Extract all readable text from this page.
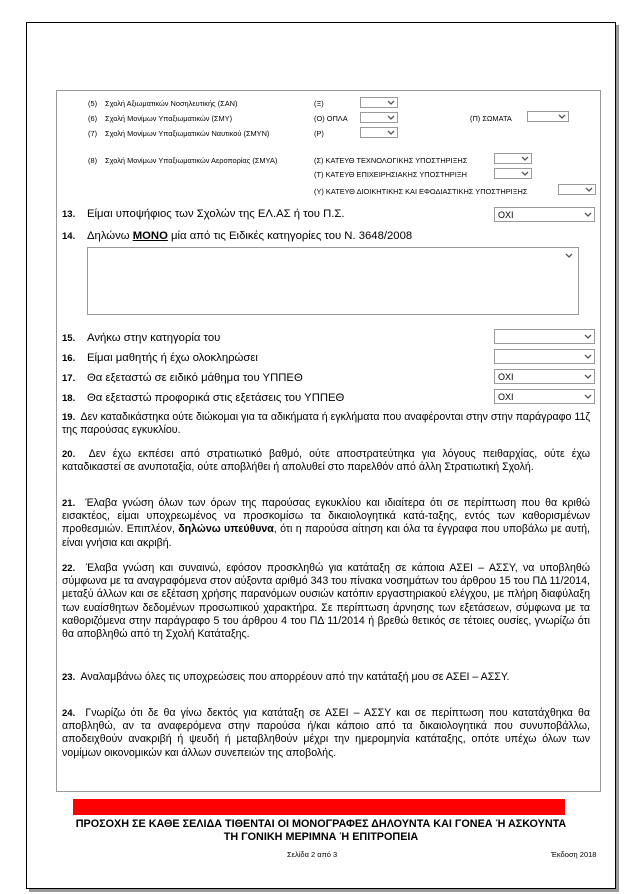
(5) Σχολή Αξιωματικών Νοσηλευτικής (ΣΑΝ)	(Ξ)
(6) Σχολή Μονίμων Υπαξιωματικών (ΣΜΥ)	(Ο) ΟΠΛΑ	(Π) ΣΩΜΑΤΑ
(7) Σχολή Μονίμων Υπαξιωματικών Ναυτικού (ΣΜΥΝ)	(Ρ)
(8) Σχολή Μονίμων Υπαξιωματικών Αεροπορίας (ΣΜΥΑ)	(Σ) ΚΑΤΕΥΘ ΤΕΧΝΟΛΟΓΙΚΗΣ ΥΠΟΣΤΗΡΙΞΗΣ
(Τ) ΚΑΤΕΥΘ ΕΠΙΧΕΙΡΗΣΙΑΚΗΣ ΥΠΟΣΤΗΡΙΞΗ
(Υ) ΚΑΤΕΥΘ ΔΙΟΙΚΗΤΙΚΗΣ ΚΑΙ ΕΦΟΔΙΑΣΤΙΚΗΣ ΥΠΟΣΤΗΡΙΞΗΣ
13. Είμαι υποψήφιος των Σχολών της ΕΛ.ΑΣ ή του Π.Σ.	ΟΧΙ
14. Δηλώνω ΜΟΝΟ μία από τις Ειδικές κατηγορίες του Ν. 3648/2008
15. Ανήκω στην κατηγορία του
16. Είμαι μαθητής ή έχω ολοκληρώσει
17. Θα εξεταστώ σε ειδικό μάθημα του ΥΠΠΕΘ	ΟΧΙ
18. Θα εξεταστώ προφορικά στις εξετάσεις του ΥΠΠΕΘ	ΟΧΙ

19. Δεν καταδικάστηκα ούτε διώκομαι για τα αδικήματα ή εγκλήματα που αναφέρονται στην στην παράγραφο 11ζ της παρούσας εγκυκλίου.

20. Δεν έχω εκπέσει από στρατιωτικό βαθμό, ούτε αποστρατεύτηκα για λόγους πειθαρχίας, ούτε έχω καταδικαστεί σε ανυποταξία, ούτε αποβλήθει ή απολυθεί στο παρελθόν από άλλη Στρατιωτική Σχολή.

21. Έλαβα γνώση όλων των όρων της παρούσας εγκυκλίου και ιδιαίτερα ότι σε περίπτωση που θα κριθώ εισακτέος, είμαι υποχρεωμένος να προσκομίσω τα δικαιολογητικά κατά-ταξης, εντός των καθορισμένων προθεσμιών. Επιπλέον, δηλώνω υπεύθυνα, ότι η παρούσα αίτηση και όλα τα έγγραφα που υποβάλω με αυτή, είναι γνήσια και ακριβή.

22. Έλαβα γνώση και συναινώ, εφόσον προσκληθώ για κατάταξη σε κάποια ΑΣΕΙ – ΑΣΣΥ, να υποβληθώ σύμφωνα με τα αναγραφόμενα στον αύξοντα αριθμό 343 του πίνακα νοσημάτων του άρθρου 15 του ΠΔ 11/2014, μεταξύ άλλων και σε εξέταση χρήσης παρανόμων ουσιών κατόπιν εργαστηριακού ελέγχου, με πλήρη διαφύλαξη των ευαίσθητων δεδομένων προσωπικού χαρακτήρα. Σε περίπτωση άρνησης των εξετάσεων, σύμφωνα με τα καθοριζόμενα στην παράγραφο 5 του άρθρου 4 του ΠΔ 11/2014 ή βρεθώ θετικός σε τέτοιες ουσίες, γνωρίζω ότι θα αποβληθώ από τη Σχολή Κατάταξης.

23. Αναλαμβάνω όλες τις υποχρεώσεις που απορρέουν από την κατάταξή μου σε ΑΣΕΙ – ΑΣΣΥ.

24. Γνωρίζω ότι δε θα γίνω δεκτός για κατάταξη σε ΑΣΕΙ – ΑΣΣΥ και σε περίπτωση που κατατάχθηκα θα αποβληθώ, αν τα αναφερόμενα στην παρούσα ή/και κάποιο από τα δικαιολογητικά που συνυποβάλλω, αποδειχθούν ανακριβή ή ψευδή ή μεταβληθούν μέχρι την ημερομηνία κατάταξης, οπότε υπέχω όλων των νομίμων οικονομικών και άλλων συνεπειών της αποβολής.

ΠΡΟΣΟΧΗ ΣΕ ΚΑΘΕ ΣΕΛΙΔΑ ΤΙΘΕΝΤΑΙ ΟΙ ΜΟΝΟΓΡΑΦΕΣ ΔΗΛΟΥΝΤΑ ΚΑΙ ΓΟΝΕΑ Ή ΑΣΚΟΥΝΤΑ
ΤΗ ΓΟΝΙΚΗ ΜΕΡΙΜΝΑ Ή ΕΠΙΤΡΟΠΕΙΑ
Σελίδα 2 από 3	Έκδοση 2018
